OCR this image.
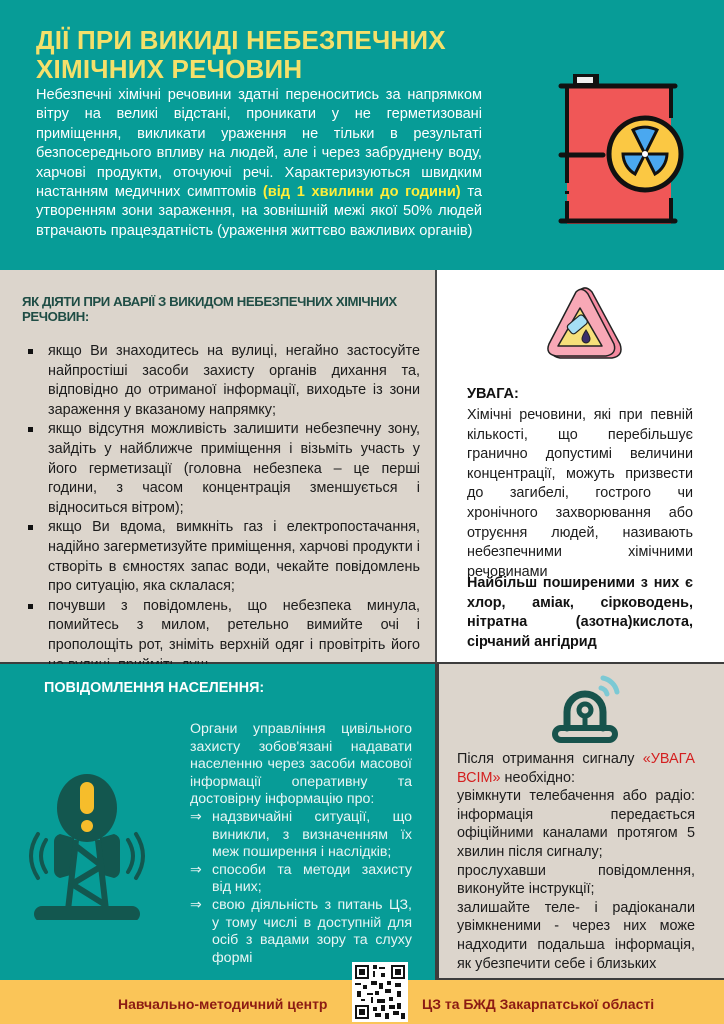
ДІЇ ПРИ ВИКИДІ НЕБЕЗПЕЧНИХ
ХІМІЧНИХ РЕЧОВИН

Небезпечні хімічні речовини здатні переноситись за напрямком вітру на великі відстані, проникати у не герметизовані приміщення, викликати ураження не тільки в результаті безпосереднього впливу на людей, але і через забруднену воду, харчові продукти, оточуючі речі. Характеризуються швидким настанням медичних симптомів (від 1 хвилини до години) та утворенням зони зараження, на зовнішній межі якої 50% людей втрачають працездатність (ураження життєво важливих органів)

ЯК ДІЯТИ ПРИ АВАРІЇ З ВИКИДОМ НЕБЕЗПЕЧНИХ ХІМІЧНИХ РЕЧОВИН:
якщо Ви знаходитесь на вулиці, негайно застосуйте найпростіші засоби захисту органів дихання та, відповідно до отриманої інформації, виходьте із зони зараження у вказаному напрямку;
якщо відсутня можливість залишити небезпечну зону, зайдіть у найближче приміщення і візьміть участь у його герметизації (головна небезпека – це перші години, з часом концентрація зменшується і відноситься вітром);
якщо Ви вдома, вимкніть газ і електропостачання, надійно загерметизуйте приміщення, харчові продукти і створіть в ємностях запас води, чекайте повідомлень про ситуацію, яка склалася;
почувши з повідомлень, що небезпека минула, помийтесь з милом, ретельно вимийте очі і прополощіть рот, зніміть верхній одяг і провітріть його
УВАГА:

Хімічні речовини, які при певній кількості, що перебільшує гранично допустимі величини концентрації, можуть призвести до загибелі, гострого чи хронічного захворювання або отруєння людей, називають небезпечними хімічними речовинами

Найбільш поширеними з них є хлор, аміак, сірководень, нітратна (азотна)кислота, сірчаний ангідрид

ПОВІДОМЛЕННЯ НАСЕЛЕННЯ:

Органи управління цивільного захисту зобов'язані надавати населенню через засоби масової інформації оперативну та достовірну інформацію про:

⇒ надзвичайні ситуації, що виникли, з визначенням їх меж поширення і наслідків;
⇒ способи та методи захисту від них;
⇒ свою діяльність з питань ЦЗ, у тому числі в доступній для осіб з вадами зору та слуху формі

Після отримання сигналу «УВАГА ВСІМ» необхідно:

увімкнути телебачення або радіо: інформація передається офіційними каналами протягом 5 хвилин після сигналу;

прослухавши повідомлення, виконуйте інструкції;

залишайте теле- і радіоканали увімкненими - через них може надходити подальша інформація, як убезпечити себе і близьких

Навчально-методичний центр	ЦЗ та БЖД Закарпатської області
